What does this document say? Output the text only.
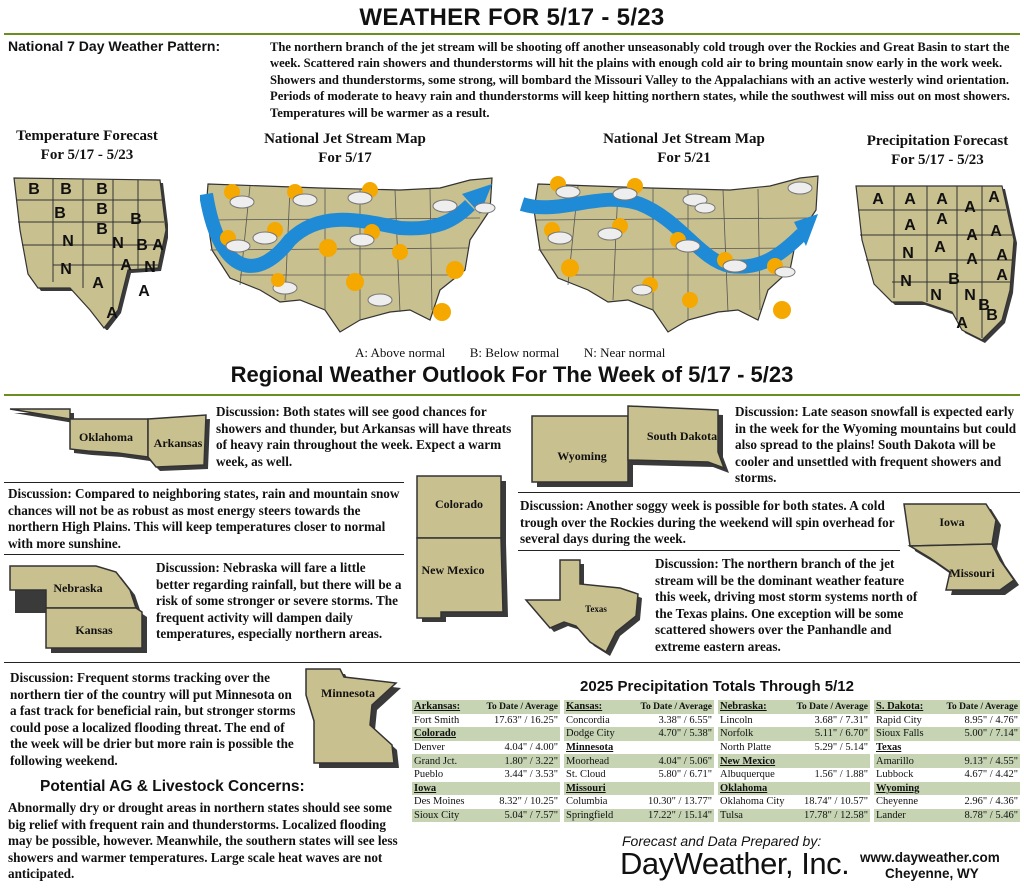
WEATHER FOR 5/17 - 5/23
National 7 Day Weather Pattern:	The northern branch of the jet stream will be shooting off another unseasonably cold trough over the Rockies and Great Basin to start the week. Scattered rain showers and thunderstorms will hit the plains with enough cold air to bring mountain snow early in the work week. Showers and thunderstorms, some strong, will bombard the Missouri Valley to the Appalachians with an active westerly wind orientation. Periods of moderate to heavy rain and thunderstorms will keep hitting northern states, while the southwest will miss out on most showers. Temperatures will be warmer as a result.
Temperature Forecast
For 5/17 - 5/23
National Jet Stream Map
For 5/17
National Jet Stream Map
For 5/21
Precipitation Forecast
For 5/17 - 5/23
B B B
B
B
B
B
N N B
N	A N
A A
A
A
A A A A
A
A A
A A
A
N A
A
N B A
N N
B
A B
A: Above normal B: Below normal N: Near normal
Regional Weather Outlook For The Week of 5/17 - 5/23
Oklahoma Arkansas
Discussion: Both states will see good chances for showers and thunder, but Arkansas will have threats of heavy rain throughout the week. Expect a warm week, as well.
Discussion: Compared to neighboring states, rain and mountain snow chances will not be as robust as most energy steers towards the northern High Plains. This will keep temperatures closer to normal with more sunshine.
Colorado
New Mexico
Nebraska
Kansas
Discussion: Nebraska will fare a little better regarding rainfall, but there will be a risk of some stronger or severe storms. The frequent activity will dampen daily temperatures, especially northern areas.
Discussion: Frequent storms tracking over the northern tier of the country will put Minnesota on a fast track for beneficial rain, but stronger storms could pose a localized flooding threat. The end of the week will be drier but more rain is possible the following weekend.
Minnesota
Potential AG & Livestock Concerns:
Abnormally dry or drought areas in northern states should see some big relief with frequent rain and thunderstorms. Localized flooding may be possible, however. Meanwhile, the southern states will see less showers and warmer temperatures. Large scale heat waves are not anticipated.
Wyoming
South Dakota
Discussion: Late season snowfall is expected early in the week for the Wyoming mountains but could also spread to the plains! South Dakota will be cooler and unsettled with frequent showers and storms.
Discussion: Another soggy week is possible for both states. A cold trough over the Rockies during the weekend will spin overhead for several days during the week.
Iowa
Missouri
Texas
Discussion: The northern branch of the jet stream will be the dominant weather feature this week, driving most storm systems north of the Texas plains. One exception will be some scattered showers over the Panhandle and extreme eastern areas.
2025 Precipitation Totals Through 5/12
Arkansas:	To Date / Average
Fort Smith	17.63" / 16.25"
Colorado	
Denver	4.04" / 4.00"
Grand Jct.	1.80" / 3.22"
Pueblo	3.44" / 3.53"
Iowa	
Des Moines	8.32" / 10.25"
Sioux City	5.04" / 7.57"
Kansas:	To Date / Average
Concordia	3.38" / 6.55"
Dodge City	4.70" / 5.38"
Minnesota	
Moorhead	4.04" / 5.06"
St. Cloud	5.80" / 6.71"
Missouri	
Columbia	10.30" / 13.77"
Springfield	17.22" / 15.14"
Nebraska:	To Date / Average
Lincoln	3.68" / 7.31"
Norfolk	5.11" / 6.70"
North Platte	5.29" / 5.14"
New Mexico	
Albuquerque	1.56" / 1.88"
Oklahoma	
Oklahoma City	18.74" / 10.57"
Tulsa	17.78" / 12.58"
S. Dakota:	To Date / Average
Rapid City	8.95" / 4.76"
Sioux Falls	5.00" / 7.14"
Texas	
Amarillo	9.13" / 4.55"
Lubbock	4.67" / 4.42"
Wyoming	
Cheyenne	2.96" / 4.36"
Lander	8.78" / 5.46"
Forecast and Data Prepared by:
DayWeather, Inc. www.dayweather.com
Cheyenne, WY
